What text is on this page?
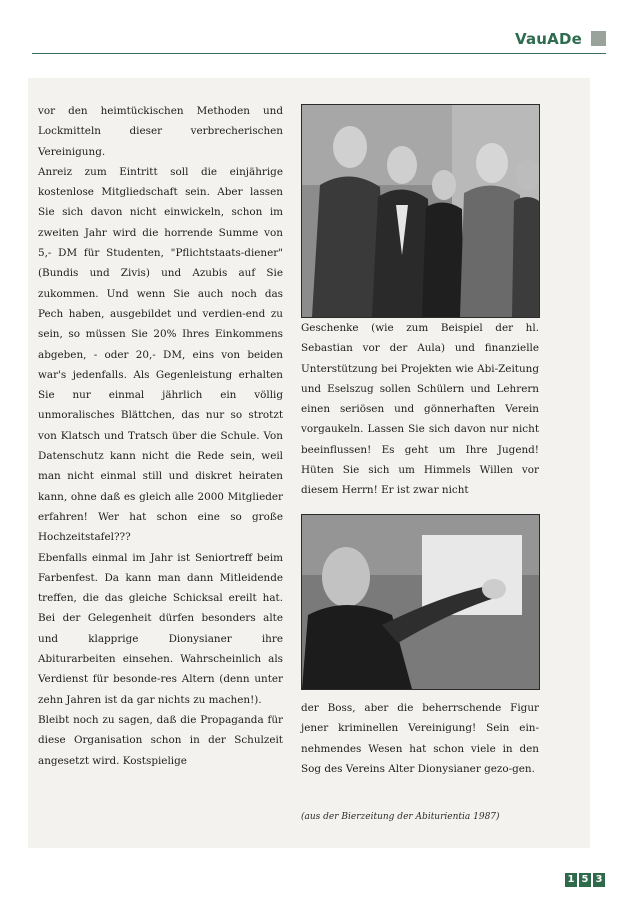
VauADe

vor den heimtückischen Methoden und Lockmitteln dieser verbrecherischen Vereinigung.

Anreiz zum Eintritt soll die einjährige kostenlose Mitgliedschaft sein. Aber lassen Sie sich davon nicht einwickeln, schon im zweiten Jahr wird die horrende Summe von 5,- DM für Studenten, "Pflichtstaats-diener" (Bundis und Zivis) und Azubis auf Sie zukommen. Und wenn Sie auch noch das Pech haben, ausgebildet und verdien-end zu sein, so müssen Sie 20% Ihres Einkommens abgeben, - oder 20,- DM, eins von beiden war's jedenfalls. Als Gegenleistung erhalten Sie nur einmal jährlich ein völlig unmoralisches Blättchen, das nur so strotzt von Klatsch und Tratsch über die Schule. Von Datenschutz kann nicht die Rede sein, weil man nicht einmal still und diskret heiraten kann, ohne daß es gleich alle 2000 Mitglieder erfahren! Wer hat schon eine so große Hochzeitstafel???

Ebenfalls einmal im Jahr ist Seniortreff beim Farbenfest. Da kann man dann Mitleidende treffen, die das gleiche Schicksal ereilt hat. Bei der Gelegenheit dürfen besonders alte und klapprige Dionysianer ihre Abiturarbeiten einsehen. Wahrscheinlich als Verdienst für besonde-res Altern (denn unter zehn Jahren ist da gar nichts zu machen!).

Bleibt noch zu sagen, daß die Propaganda für diese Organisation schon in der Schulzeit angesetzt wird. Kostspielige

Geschenke (wie zum Beispiel der hl. Sebastian vor der Aula) und finanzielle Unterstützung bei Projekten wie Abi-Zeitung und Eselszug sollen Schülern und Lehrern einen seriösen und gönnerhaften Verein vorgaukeln. Lassen Sie sich davon nur nicht beeinflussen! Es geht um Ihre Jugend! Hüten Sie sich um Himmels Willen vor diesem Herrn! Er ist zwar nicht

der Boss, aber die beherrschende Figur jener kriminellen Vereinigung! Sein ein-nehmendes Wesen hat schon viele in den Sog des Vereins Alter Dionysianer gezo-gen.

(aus der Bierzeitung der Abiturientia 1987)
1 5 3
